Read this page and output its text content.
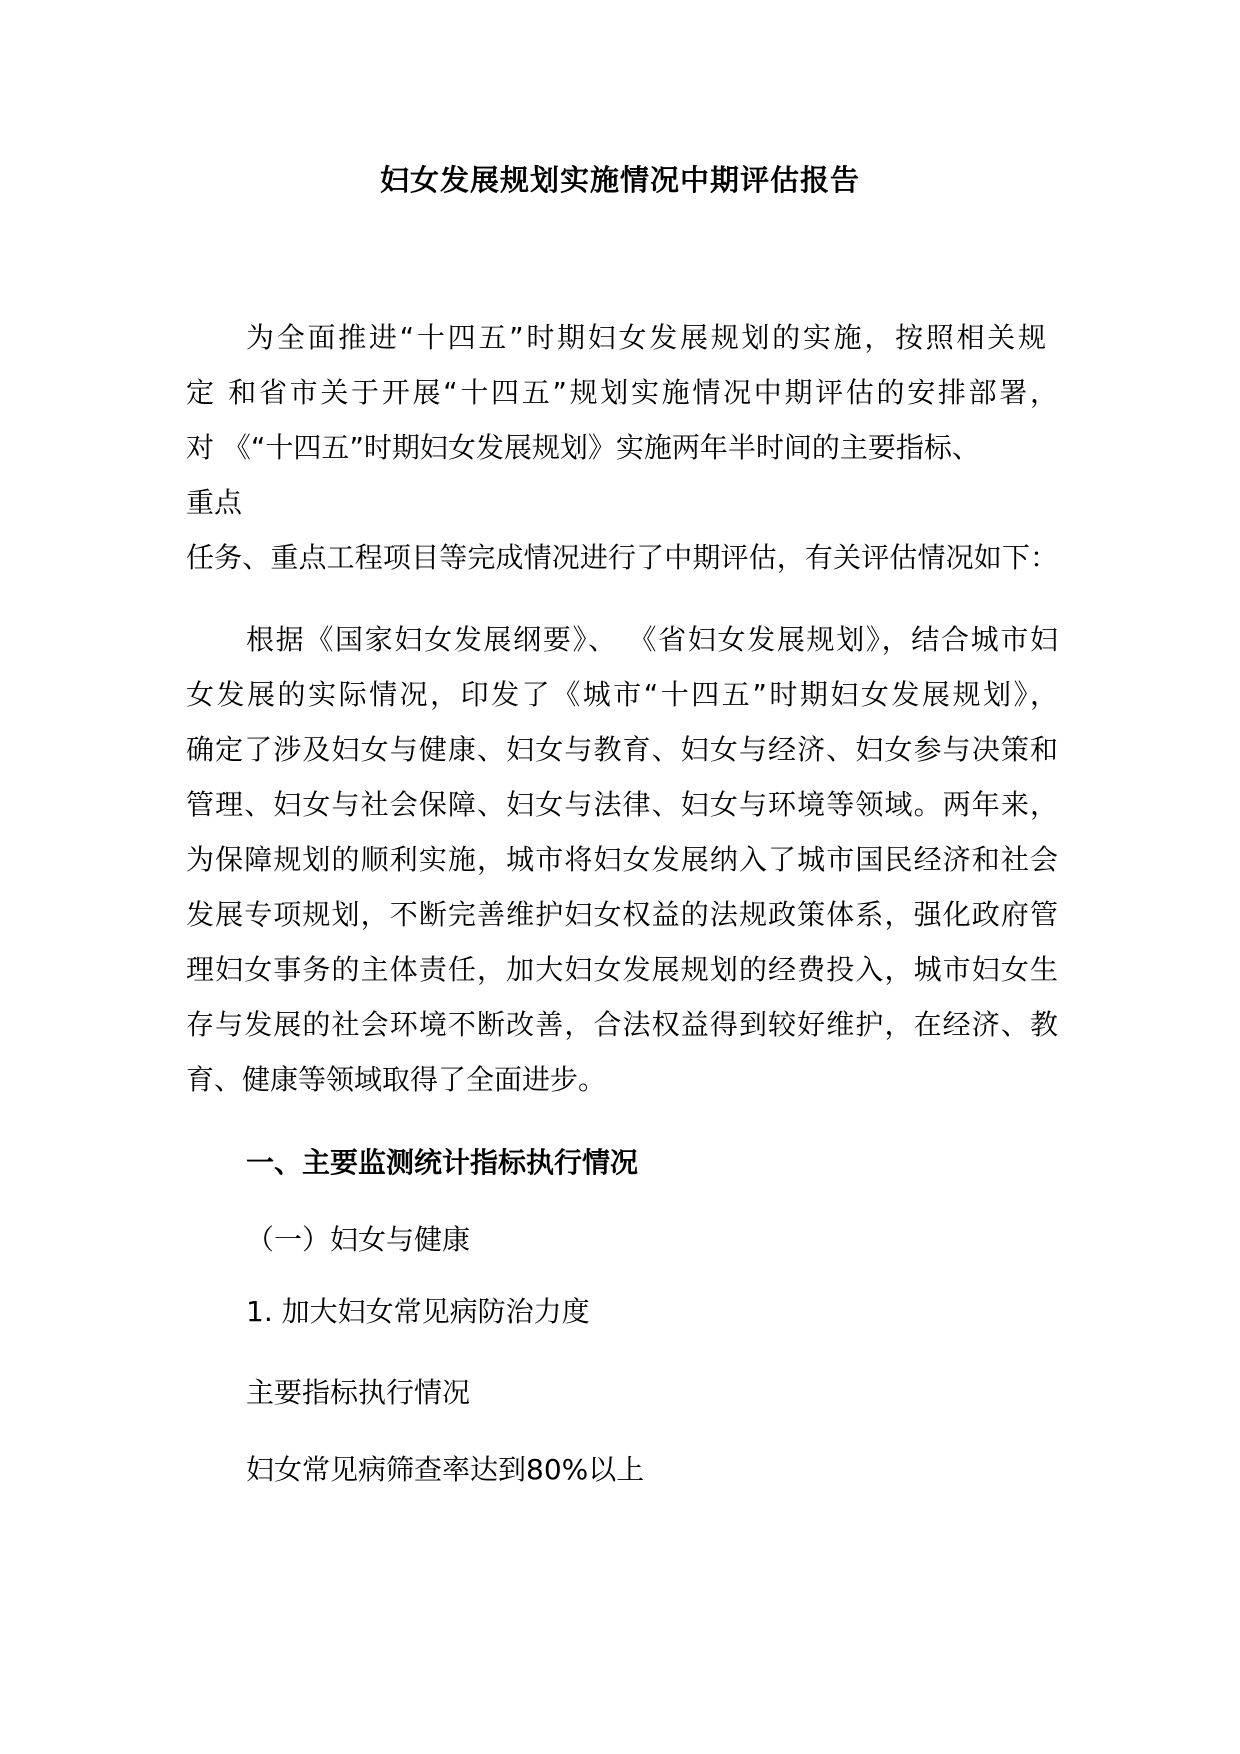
妇女发展规划实施情况中期评估报告

为全面推进“十四五”时期妇女发展规划的实施，按照相关规

定 和省市关于开展“十四五”规划实施情况中期评估的安排部署，

对 《“十四五”时期妇女发展规划》实施两年半时间的主要指标、

重点

任务、重点工程项目等完成情况进行了中期评估，有关评估情况如下：

根据《国家妇女发展纲要》、 《省妇女发展规划》，结合城市妇

女发展的实际情况，印发了《城市“十四五”时期妇女发展规划》，

确定了涉及妇女与健康、妇女与教育、妇女与经济、妇女参与决策和

管理、妇女与社会保障、妇女与法律、妇女与环境等领域。两年来，

为保障规划的顺利实施，城市将妇女发展纳入了城市国民经济和社会

发展专项规划，不断完善维护妇女权益的法规政策体系，强化政府管

理妇女事务的主体责任，加大妇女发展规划的经费投入，城市妇女生

存与发展的社会环境不断改善，合法权益得到较好维护，在经济、教

育、健康等领域取得了全面进步。

一、主要监测统计指标执行情况
（一）妇女与健康

1. 加大妇女常见病防治力度

主要指标执行情况

妇女常见病筛查率达到80%以上
